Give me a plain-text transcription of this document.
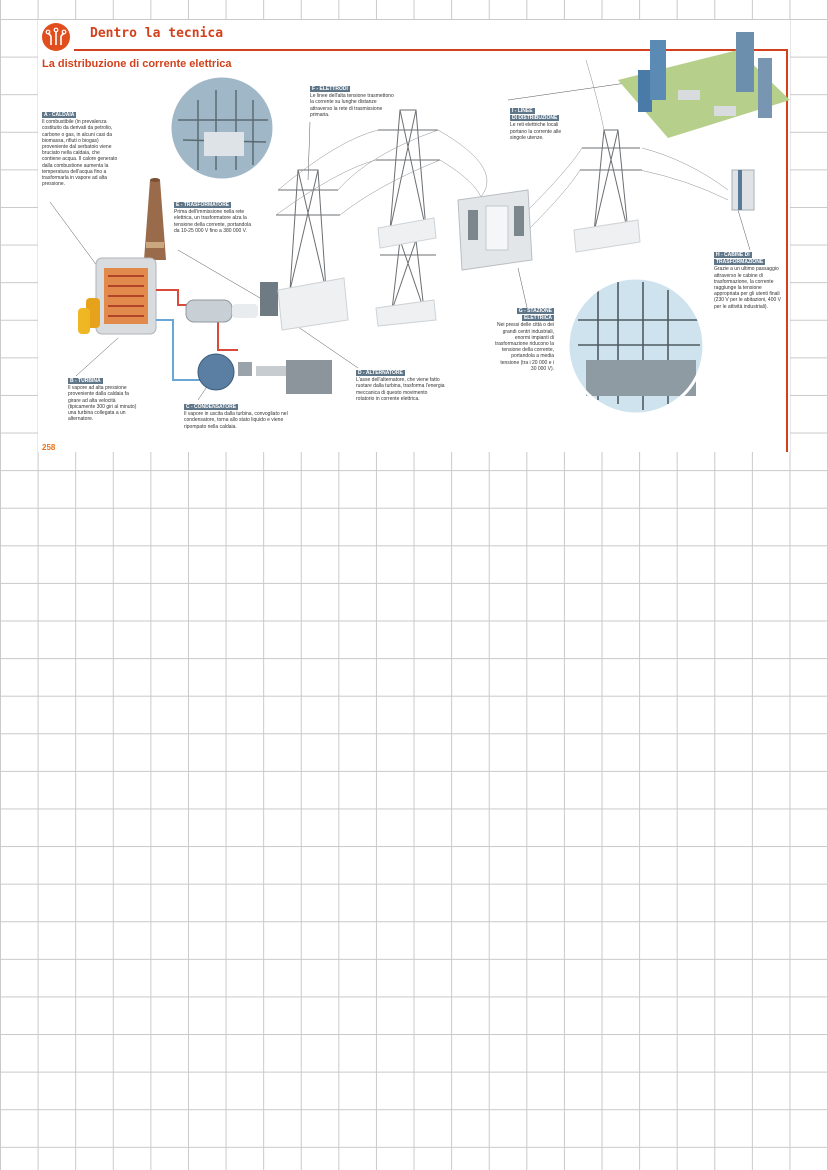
Dentro la tecnica
La distribuzione di corrente elettrica
A - CALDAIA
Il combustibile (in prevalenza costituito da derivati da petrolio, carbone o gas, in alcuni casi da biomassa, rifiuti o biogas) proveniente dal serbatoio viene bruciato nella caldaia, che contiene acqua. Il calore generato dalla combustione aumenta la temperatura dell'acqua fino a trasformarla in vapore ad alta pressione.
B - TURBINA
Il vapore ad alta pressione proveniente dalla caldaia fa girare ad alta velocità (tipicamente 300 giri al minuto) una turbina collegata a un alternatore.
C - CONDENSATORE
Il vapore in uscita dalla turbina, convogliato nel condensatore, torna allo stato liquido e viene ripompato nella caldaia.
D - ALTERNATORE
L'asse dell'alternatore, che viene fatto ruotare dalla turbina, trasforma l'energia meccanica di questo movimento rotatorio in corrente elettrica.
E - TRASFORMATORE
Prima dell'immissione nella rete elettrica, un trasformatore alza la tensione della corrente, portandola da 10-25 000 V fino a 380 000 V.
F - ELETTRODI
Le linee dell'alta tensione trasmettono la corrente su lunghe distanze attraverso la rete di trasmissione primaria.
G - STAZIONE
ELETTRICA
Nei pressi delle città o dei grandi centri industriali, enormi impianti di trasformazione riducono la tensione della corrente, portandola a media tensione (tra i 20 000 e i 30 000 V).
H - CABINE DI
TRASFORMAZIONE
Grazie a un ultimo passaggio attraverso le cabine di trasformazione, la corrente raggiunge la tensione appropriata per gli utenti finali (230 V per le abitazioni, 400 V per le attività industriali).
I - LINEE
DI DISTRIBUZIONE
Le reti elettriche locali portano la corrente alle singole utenze.
258
